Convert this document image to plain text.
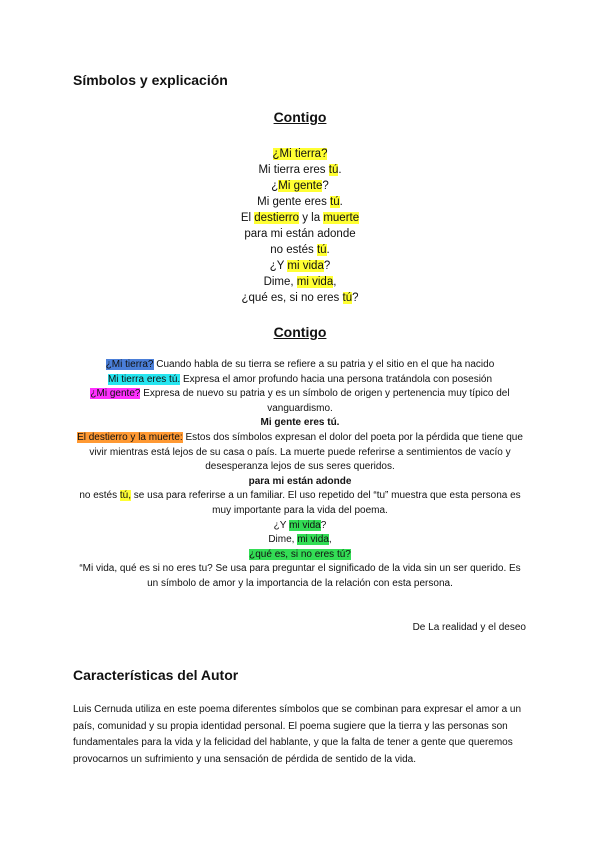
Símbolos y explicación
Contigo
¿Mi tierra?
Mi tierra eres tú.
¿Mi gente?
Mi gente eres tú.
El destierro y la muerte
para mi están adonde
no estés tú.
¿Y mi vida?
Dime, mi vida,
¿qué es, si no eres tú?
Contigo
¿Mi tierra? Cuando habla de su tierra se refiere a su patria y el sitio en el que ha nacido
Mi tierra eres tú. Expresa el amor profundo hacia una persona tratándola con posesión
¿Mi gente? Expresa de nuevo su patria y es un símbolo de origen y pertenencia muy típico del vanguardismo.
Mi gente eres tú.
El destierro y la muerte: Estos dos símbolos expresan el dolor del poeta por la pérdida que tiene que vivir mientras está lejos de su casa o país. La muerte puede referirse a sentimientos de vacío y desesperanza lejos de sus seres queridos.
para mi están adonde
no estés tú, se usa para referirse a un familiar. El uso repetido del “tu” muestra que esta persona es muy importante para la vida del poema.
¿Y mi vida?
Dime, mi vida,
¿qué es, si no eres tú?
“Mi vida, qué es si no eres tu? Se usa para preguntar el significado de la vida sin un ser querido. Es un símbolo de amor y la importancia de la relación con esta persona.
De La realidad y el deseo
Características del Autor
Luis Cernuda utiliza en este poema diferentes símbolos que se combinan para expresar el amor a un país, comunidad y su propia identidad personal. El poema sugiere que la tierra y las personas son fundamentales para la vida y la felicidad del hablante, y que la falta de tener a gente que queremos provocarnos un sufrimiento y una sensación de pérdida de sentido de la vida.
